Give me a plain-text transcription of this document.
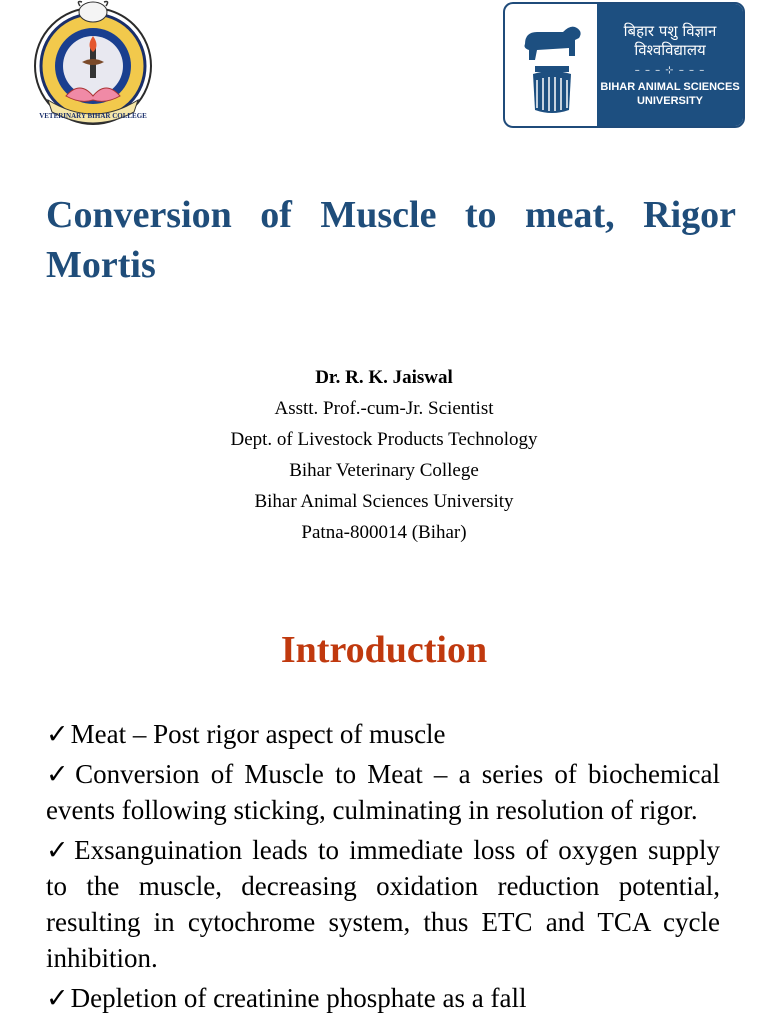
VETERINARY BIHAR COLLEGE
बिहार पशु विज्ञान
विश्वविद्यालय
– – – ⊹ – – –
BIHAR ANIMAL SCIENCES
UNIVERSITY
Conversion of Muscle to meat, Rigor Mortis
Dr. R. K. Jaiswal
Asstt. Prof.-cum-Jr. Scientist
Dept. of Livestock Products Technology
Bihar Veterinary College
Bihar Animal Sciences University
Patna-800014 (Bihar)
Introduction
✓Meat – Post rigor aspect of muscle
✓Conversion of Muscle to Meat – a series of biochemical events following sticking, culminating in resolution of rigor.
✓Exsanguination leads to immediate loss of oxygen supply to the muscle, decreasing oxidation reduction potential, resulting in cytochrome system, thus ETC and TCA cycle inhibition.
✓Depletion of creatinine phosphate as a fall
